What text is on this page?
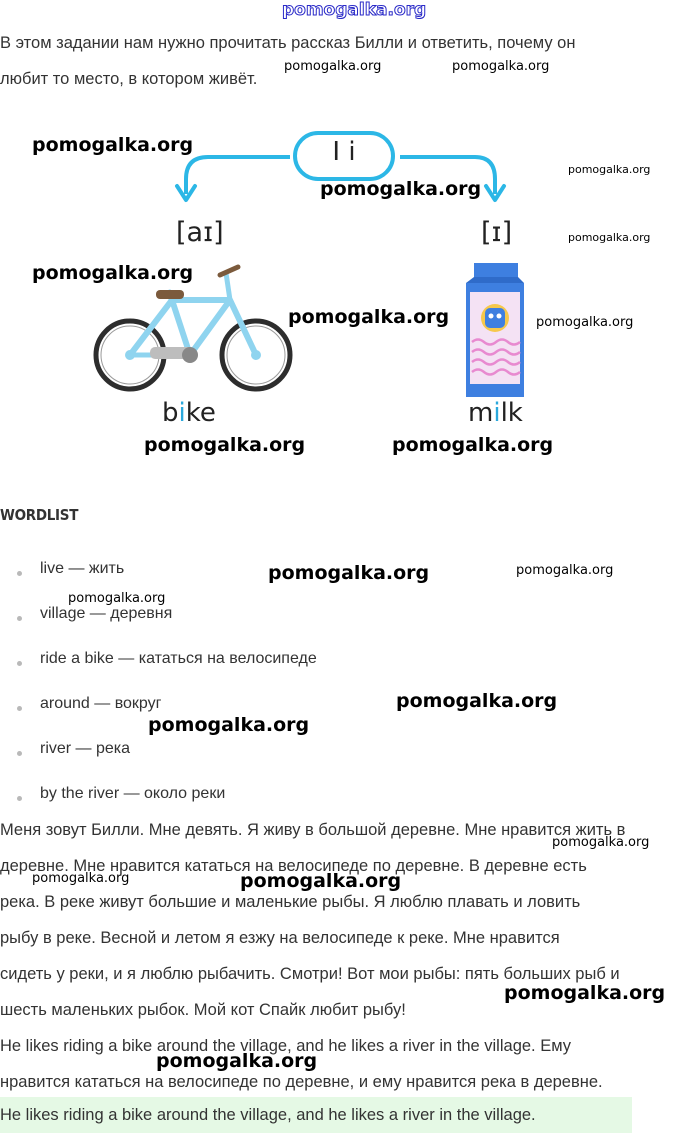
pomogalka.org
В этом задании нам нужно прочитать рассказ Билли и ответить, почему он
любит то место, в котором живёт.
I i
[aɪ]	[ɪ]
bike	milk
WORDLIST
live — жить
village — деревня
ride a bike — кататься на велосипеде
around — вокруг
river — река
by the river — около реки
Меня зовут Билли. Мне девять. Я живу в большой деревне. Мне нравится жить в
деревне. Мне нравится кататься на велосипеде по деревне. В деревне есть
река. В реке живут большие и маленькие рыбы. Я люблю плавать и ловить
рыбу в реке. Весной и летом я езжу на велосипеде к реке. Мне нравится
сидеть у реки, и я люблю рыбачить. Смотри! Вот мои рыбы: пять больших рыб и
шесть маленьких рыбок. Мой кот Спайк любит рыбу!
He likes riding a bike around the village, and he likes a river in the village. Ему
нравится кататься на велосипеде по деревне, и ему нравится река в деревне.
He likes riding a bike around the village, and he likes a river in the village.
pomogalka.org	pomogalka.org
pomogalka.org
pomogalka.org
pomogalka.org
pomogalka.org
pomogalka.org
pomogalka.org	pomogalka.org
pomogalka.org	pomogalka.org
pomogalka.org	pomogalka.org
pomogalka.org
pomogalka.org
pomogalka.org
pomogalka.org
pomogalka.org	pomogalka.org
pomogalka.org
pomogalka.org
